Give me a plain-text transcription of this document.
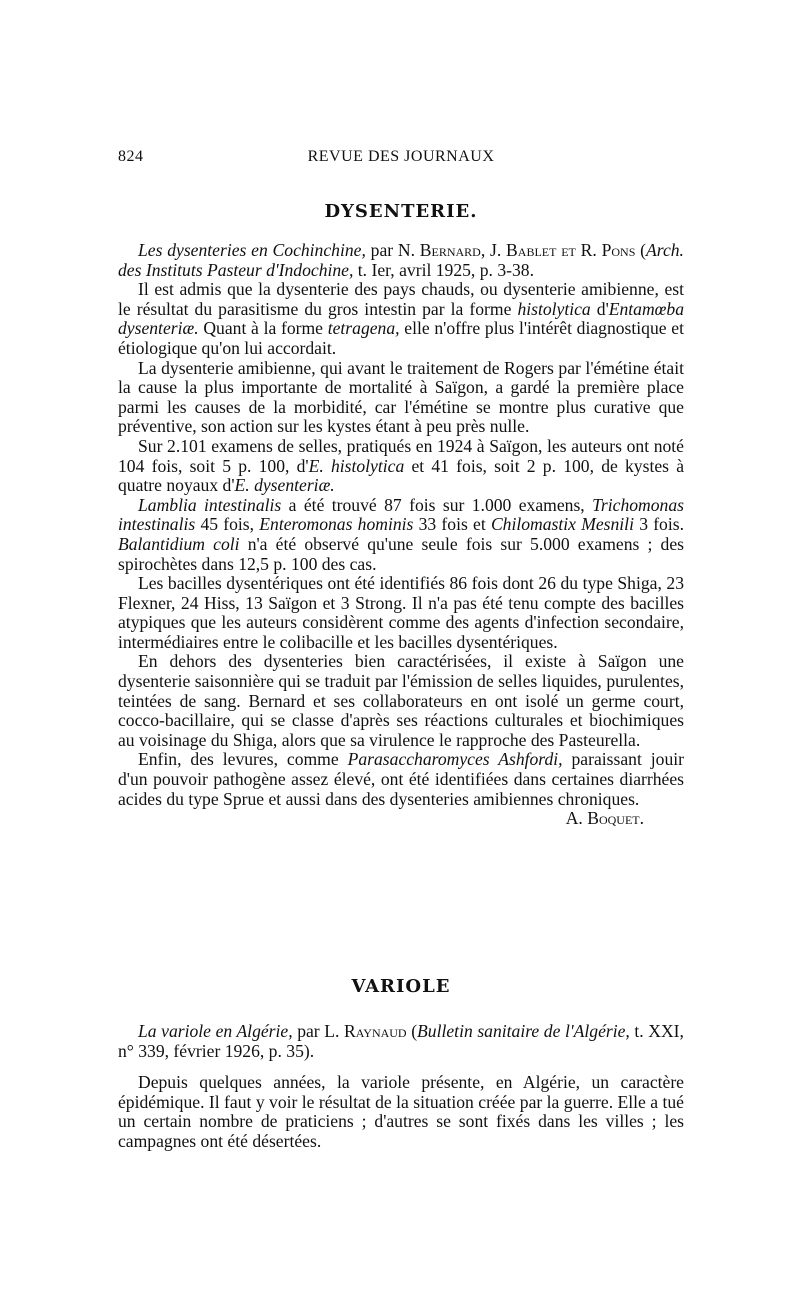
824	REVUE DES JOURNAUX
DYSENTERIE.
Les dysenteries en Cochinchine, par N. Bernard, J. Bablet et R. Pons (Arch. des Instituts Pasteur d'Indochine, t. Ier, avril 1925, p. 3-38.

Il est admis que la dysenterie des pays chauds, ou dysenterie amibienne, est le résultat du parasitisme du gros intestin par la forme histolytica d'Entamœba dysenteriæ. Quant à la forme tetragena, elle n'offre plus l'intérêt diagnostique et étiologique qu'on lui accordait.

La dysenterie amibienne, qui avant le traitement de Rogers par l'émétine était la cause la plus importante de mortalité à Saïgon, a gardé la première place parmi les causes de la morbidité, car l'émétine se montre plus curative que préventive, son action sur les kystes étant à peu près nulle.

Sur 2.101 examens de selles, pratiqués en 1924 à Saïgon, les auteurs ont noté 104 fois, soit 5 p. 100, d'E. histolytica et 41 fois, soit 2 p. 100, de kystes à quatre noyaux d'E. dysenteriæ.

Lamblia intestinalis a été trouvé 87 fois sur 1.000 examens, Trichomonas intestinalis 45 fois, Enteromonas hominis 33 fois et Chilomastix Mesnili 3 fois. Balantidium coli n'a été observé qu'une seule fois sur 5.000 examens ; des spirochètes dans 12,5 p. 100 des cas.

Les bacilles dysentériques ont été identifiés 86 fois dont 26 du type Shiga, 23 Flexner, 24 Hiss, 13 Saïgon et 3 Strong. Il n'a pas été tenu compte des bacilles atypiques que les auteurs considèrent comme des agents d'infection secondaire, intermédiaires entre le colibacille et les bacilles dysentériques.

En dehors des dysenteries bien caractérisées, il existe à Saïgon une dysenterie saisonnière qui se traduit par l'émission de selles liquides, purulentes, teintées de sang. Bernard et ses collaborateurs en ont isolé un germe court, cocco-bacillaire, qui se classe d'après ses réactions culturales et biochimiques au voisinage du Shiga, alors que sa virulence le rapproche des Pasteurella.

Enfin, des levures, comme Parasaccharomyces Ashfordi, paraissant jouir d'un pouvoir pathogène assez élevé, ont été identifiées dans certaines diarrhées acides du type Sprue et aussi dans des dysenteries amibiennes chroniques.
A. Boquet.

VARIOLE
La variole en Algérie, par L. Raynaud (Bulletin sanitaire de l'Algérie, t. XXI, n° 339, février 1926, p. 35).

Depuis quelques années, la variole présente, en Algérie, un caractère épidémique. Il faut y voir le résultat de la situation créée par la guerre. Elle a tué un certain nombre de praticiens ; d'autres se sont fixés dans les villes ; les campagnes ont été désertées.
